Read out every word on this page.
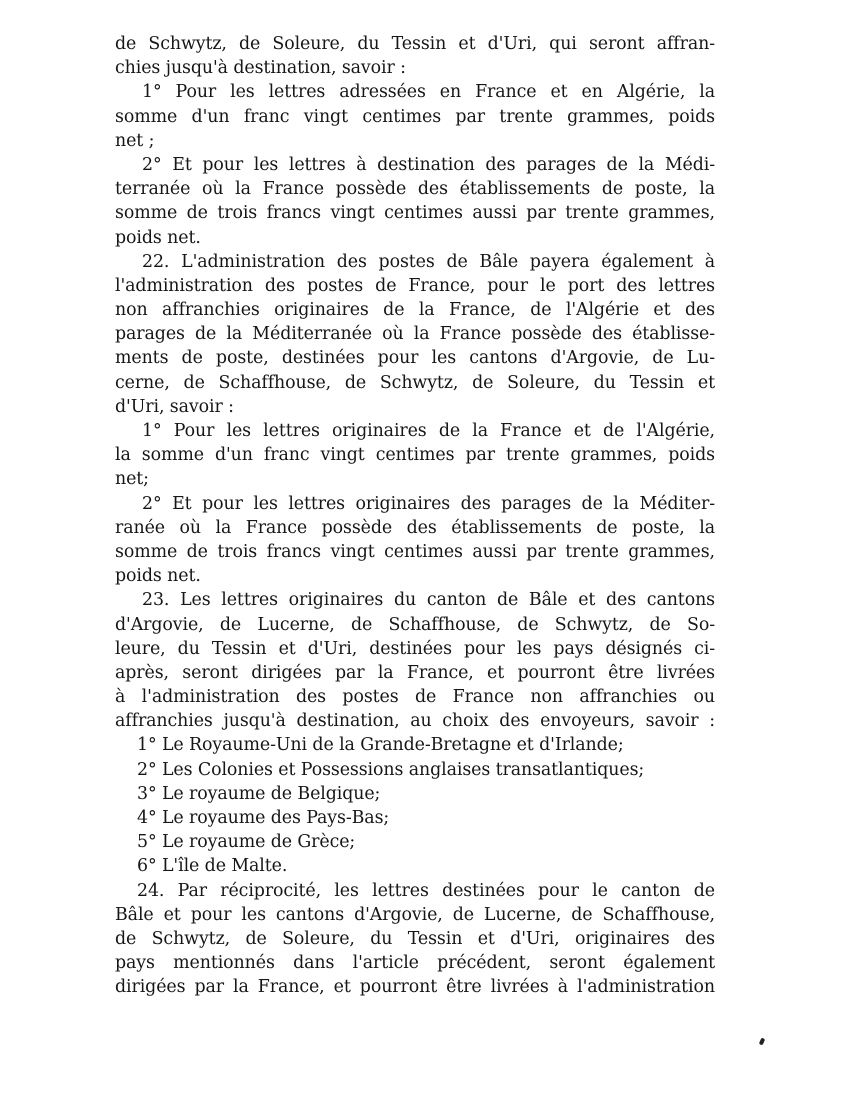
de Schwytz, de Soleure, du Tessin et d'Uri, qui seront affran-
chies jusqu'à destination, savoir :
1° Pour les lettres adressées en France et en Algérie, la
somme d'un franc vingt centimes par trente grammes, poids
net ;
2° Et pour les lettres à destination des parages de la Médi-
terranée où la France possède des établissements de poste, la
somme de trois francs vingt centimes aussi par trente grammes,
poids net.
22. L'administration des postes de Bâle payera également à
l'administration des postes de France, pour le port des lettres
non affranchies originaires de la France, de l'Algérie et des
parages de la Méditerranée où la France possède des établisse-
ments de poste, destinées pour les cantons d'Argovie, de Lu-
cerne, de Schaffhouse, de Schwytz, de Soleure, du Tessin et
d'Uri, savoir :
1° Pour les lettres originaires de la France et de l'Algérie,
la somme d'un franc vingt centimes par trente grammes, poids
net;
2° Et pour les lettres originaires des parages de la Méditer-
ranée où la France possède des établissements de poste, la
somme de trois francs vingt centimes aussi par trente grammes,
poids net.
23. Les lettres originaires du canton de Bâle et des cantons
d'Argovie, de Lucerne, de Schaffhouse, de Schwytz, de So-
leure, du Tessin et d'Uri, destinées pour les pays désignés ci-
après, seront dirigées par la France, et pourront être livrées
à l'administration des postes de France non affranchies ou
affranchies jusqu'à destination, au choix des envoyeurs, savoir :
1° Le Royaume-Uni de la Grande-Bretagne et d'Irlande;
2° Les Colonies et Possessions anglaises transatlantiques;
3° Le royaume de Belgique;
4° Le royaume des Pays-Bas;
5° Le royaume de Grèce;
6° L'île de Malte.
24. Par réciprocité, les lettres destinées pour le canton de
Bâle et pour les cantons d'Argovie, de Lucerne, de Schaffhouse,
de Schwytz, de Soleure, du Tessin et d'Uri, originaires des
pays mentionnés dans l'article précédent, seront également
dirigées par la France, et pourront être livrées à l'administration
